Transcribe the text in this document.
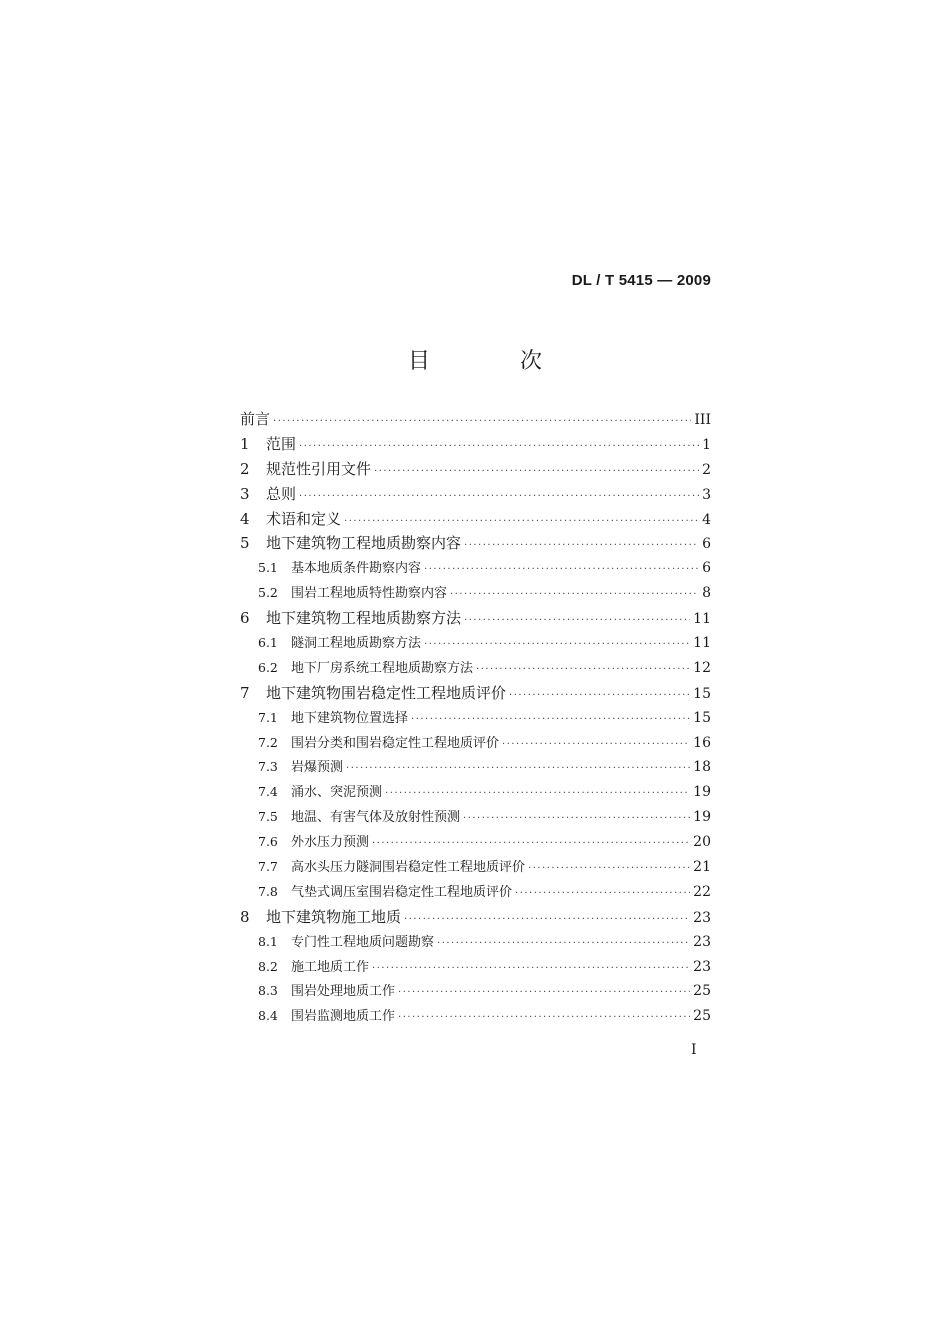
DL / T 5415 — 2009
目　次
前言 ·····	III
1	范围 ·····	1
2	规范性引用文件 ·····	2
3	总则 ·····	3
4	术语和定义 ·····	4
5	地下建筑物工程地质勘察内容 ·····	6
5.1	基本地质条件勘察内容 ·····	6
5.2	围岩工程地质特性勘察内容 ·····	8
6	地下建筑物工程地质勘察方法 ·····	11
6.1	隧洞工程地质勘察方法 ·····	11
6.2	地下厂房系统工程地质勘察方法 ·····	12
7	地下建筑物围岩稳定性工程地质评价 ·····	15
7.1	地下建筑物位置选择 ·····	15
7.2	围岩分类和围岩稳定性工程地质评价 ·····	16
7.3	岩爆预测 ·····	18
7.4	涌水、突泥预测 ·····	19
7.5	地温、有害气体及放射性预测 ·····	19
7.6	外水压力预测 ·····	20
7.7	高水头压力隧洞围岩稳定性工程地质评价 ·····	21
7.8	气垫式调压室围岩稳定性工程地质评价 ·····	22
8	地下建筑物施工地质 ·····	23
8.1	专门性工程地质问题勘察 ·····	23
8.2	施工地质工作 ·····	23
8.3	围岩处理地质工作 ·····	25
8.4	围岩监测地质工作 ·····	25
I
